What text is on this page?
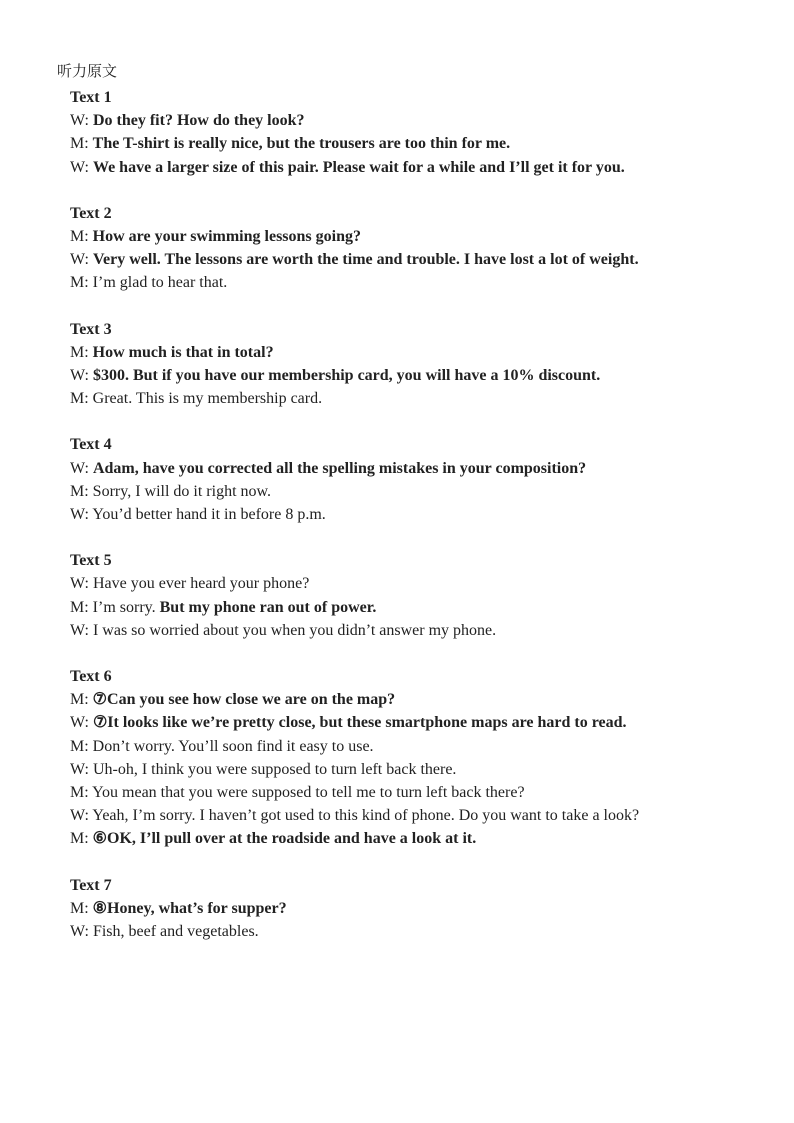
听力原文
Text 1
W: Do they fit? How do they look?
M: The T-shirt is really nice, but the trousers are too thin for me.
W: We have a larger size of this pair. Please wait for a while and I’ll get it for you.
Text 2
M: How are your swimming lessons going?
W: Very well. The lessons are worth the time and trouble. I have lost a lot of weight.
M: I’m glad to hear that.
Text 3
M: How much is that in total?
W: $300. But if you have our membership card, you will have a 10% discount.
M: Great. This is my membership card.
Text 4
W: Adam, have you corrected all the spelling mistakes in your composition?
M: Sorry, I will do it right now.
W: You’d better hand it in before 8 p.m.
Text 5
W: Have you ever heard your phone?
M: I’m sorry. But my phone ran out of power.
W: I was so worried about you when you didn’t answer my phone.
Text 6
M: ⑦Can you see how close we are on the map?
W: ⑦It looks like we’re pretty close, but these smartphone maps are hard to read.
M: Don’t worry. You’ll soon find it easy to use.
W: Uh-oh, I think you were supposed to turn left back there.
M: You mean that you were supposed to tell me to turn left back there?
W: Yeah, I’m sorry. I haven’t got used to this kind of phone. Do you want to take a look?
M: ⑥OK, I’ll pull over at the roadside and have a look at it.
Text 7
M: ⑧Honey, what’s for supper?
W: Fish, beef and vegetables.
